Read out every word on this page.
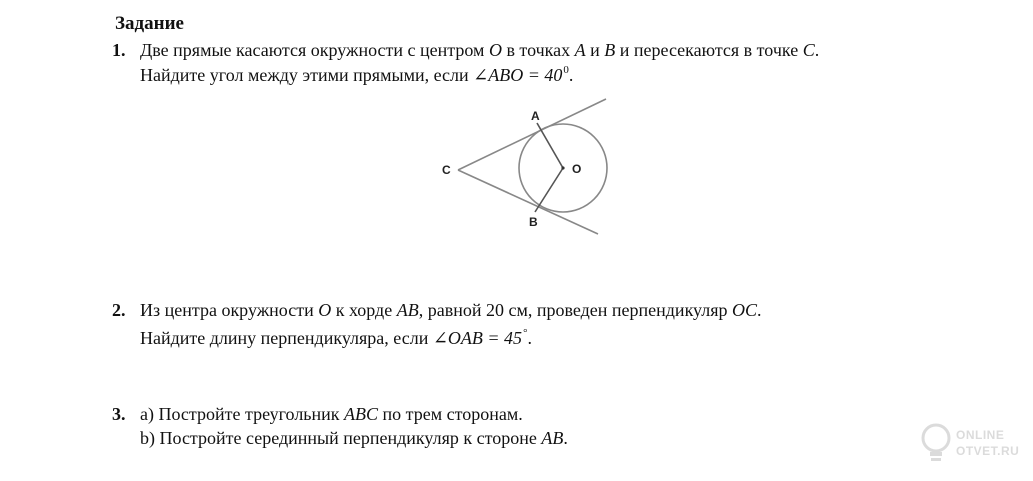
Задание
1. Две прямые касаются окружности с центром O в точках A и B и пересекаются в точке C.
Найдите угол между этими прямыми, если ∠ABO = $40^0$.
A
B
C	O
2. Из центра окружности O к хорде AB, равной 20 см, проведен перпендикуляр OC.
Найдите длину перпендикуляра, если ∠OAB = 45°.
3. a) Постройте треугольник ABC по трем сторонам.
b) Постройте серединный перпендикуляр к стороне AB.	ONLINE
OTVET.RU
